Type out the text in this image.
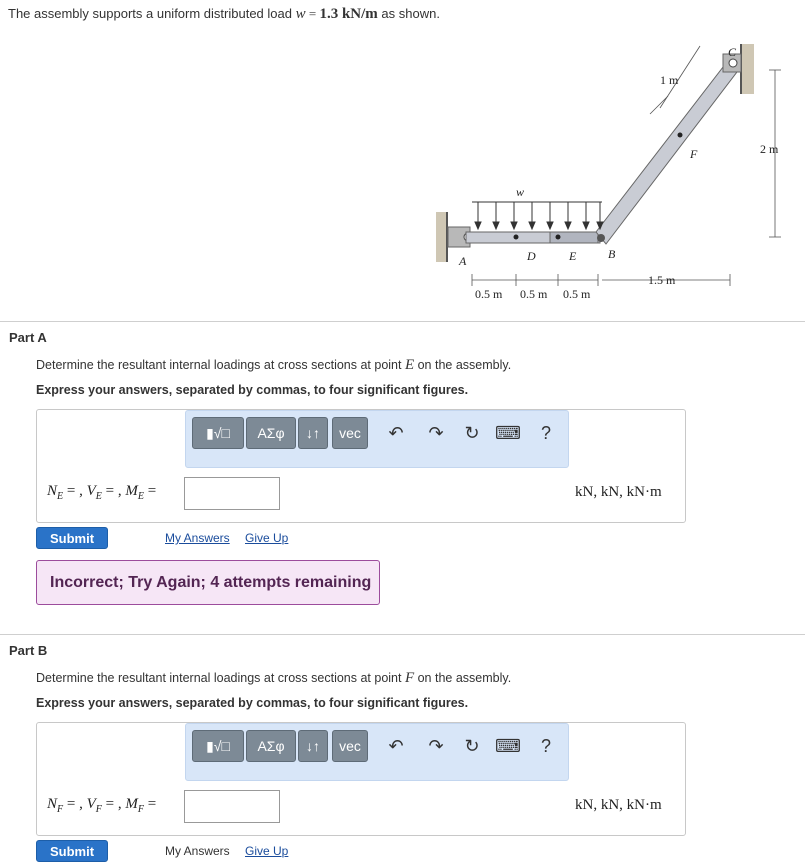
The assembly supports a uniform distributed load w = 1.3 kN/m as shown.
A	B
C
D	E
F
w
1 m
2 m
1.5 m
0.5 m 0.5 m 0.5 m
Part A
Determine the resultant internal loadings at cross sections at point E on the assembly.
Express your answers, separated by commas, to four significant figures.
▮√□	ΑΣφ	↓↑	vec	↶ ↷ ↻ ⌨	?
$N_E$ = , $V_E$ = , $M_E$ =	kN, kN, kN·m
Submit	My Answers Give Up
Incorrect; Try Again; 4 attempts remaining
Part B
Determine the resultant internal loadings at cross sections at point F on the assembly.
Express your answers, separated by commas, to four significant figures.
▮√□	ΑΣφ	↓↑	vec	↶ ↷ ↻ ⌨	?
$N_F$ = , $V_F$ = , $M_F$ =	kN, kN, kN·m
Submit	My Answers Give Up
